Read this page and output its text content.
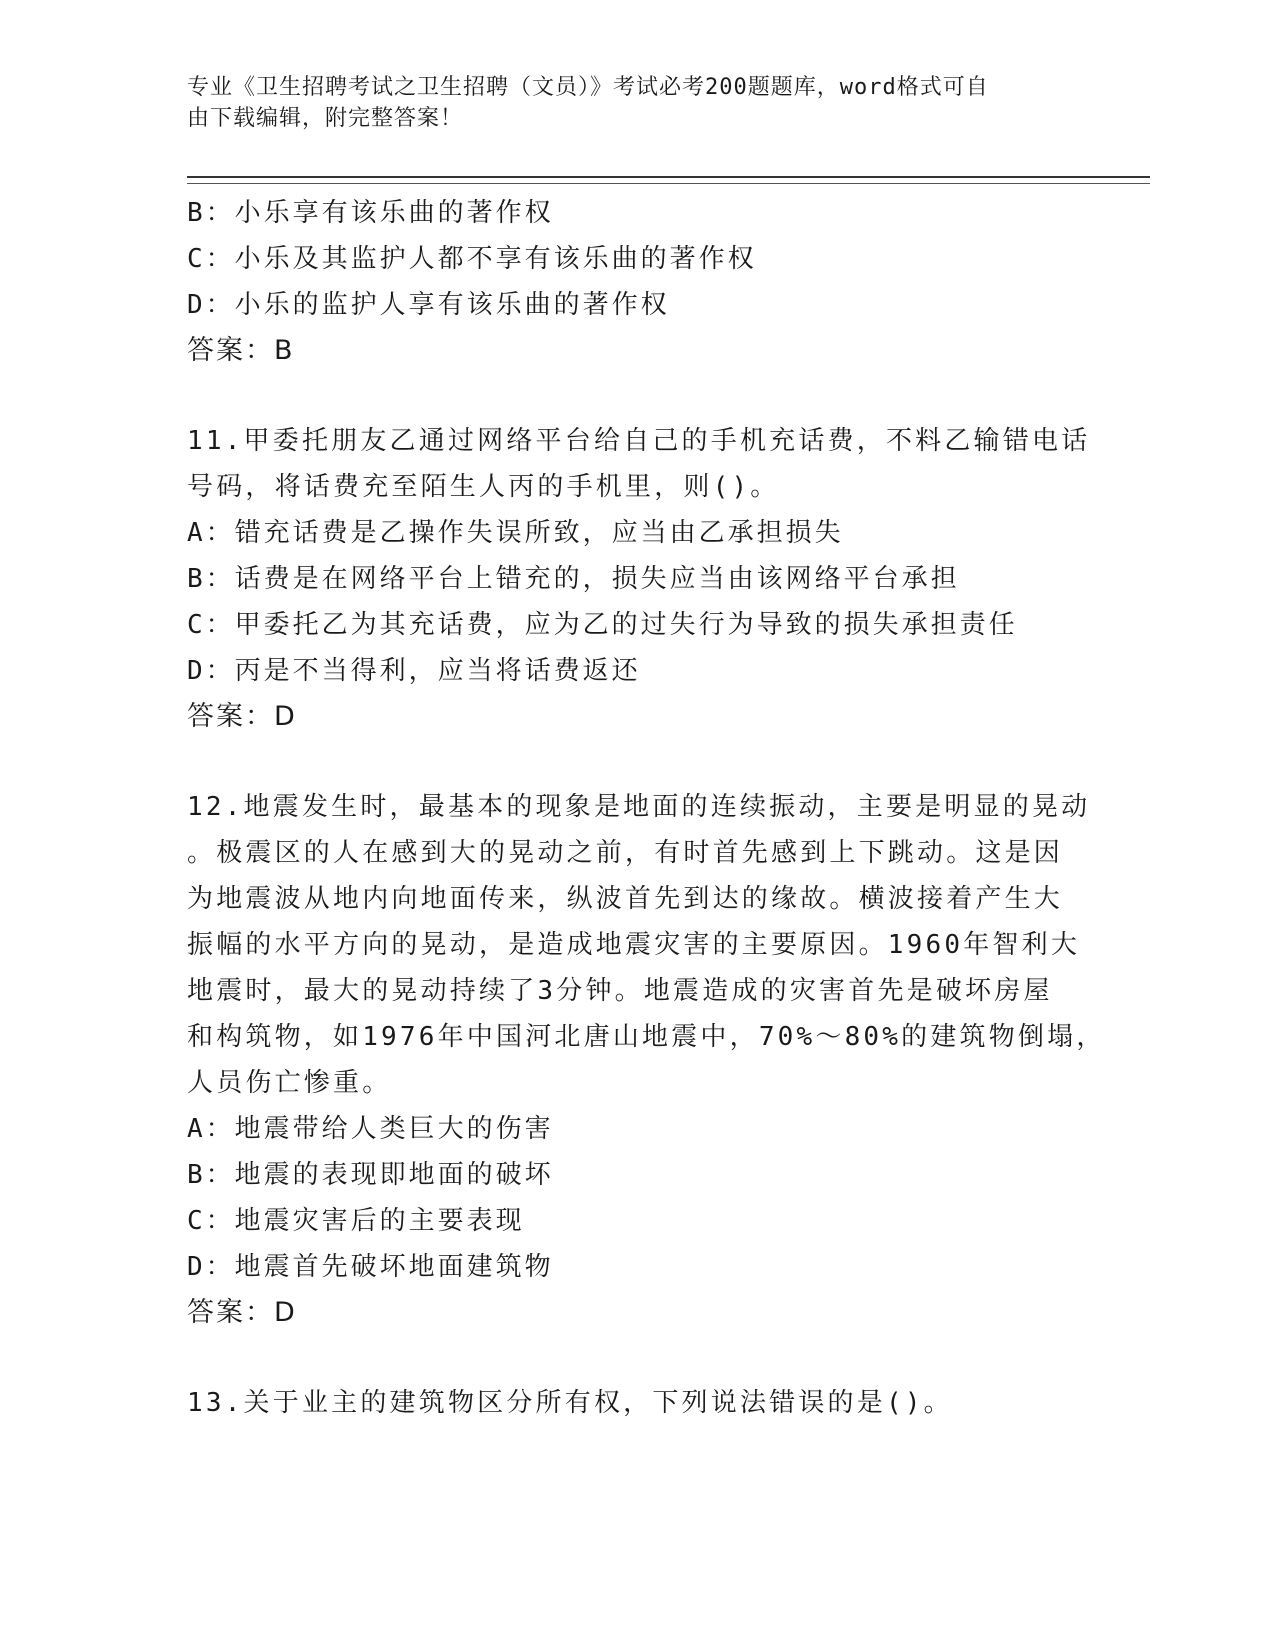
专业《卫生招聘考试之卫生招聘（文员）》考试必考200题题库，word格式可自
由下载编辑，附完整答案！
B：小乐享有该乐曲的著作权
C：小乐及其监护人都不享有该乐曲的著作权
D：小乐的监护人享有该乐曲的著作权
答案：B
11.甲委托朋友乙通过网络平台给自己的手机充话费，不料乙输错电话
号码，将话费充至陌生人丙的手机里，则()。
A：错充话费是乙操作失误所致，应当由乙承担损失
B：话费是在网络平台上错充的，损失应当由该网络平台承担
C：甲委托乙为其充话费，应为乙的过失行为导致的损失承担责任
D：丙是不当得利，应当将话费返还
答案：D
12.地震发生时，最基本的现象是地面的连续振动，主要是明显的晃动
。极震区的人在感到大的晃动之前，有时首先感到上下跳动。这是因
为地震波从地内向地面传来，纵波首先到达的缘故。横波接着产生大
振幅的水平方向的晃动，是造成地震灾害的主要原因。1960年智利大
地震时，最大的晃动持续了3分钟。地震造成的灾害首先是破坏房屋
和构筑物，如1976年中国河北唐山地震中，70%～80%的建筑物倒塌，
人员伤亡惨重。
A：地震带给人类巨大的伤害
B：地震的表现即地面的破坏
C：地震灾害后的主要表现
D：地震首先破坏地面建筑物
答案：D
13.关于业主的建筑物区分所有权，下列说法错误的是()。
